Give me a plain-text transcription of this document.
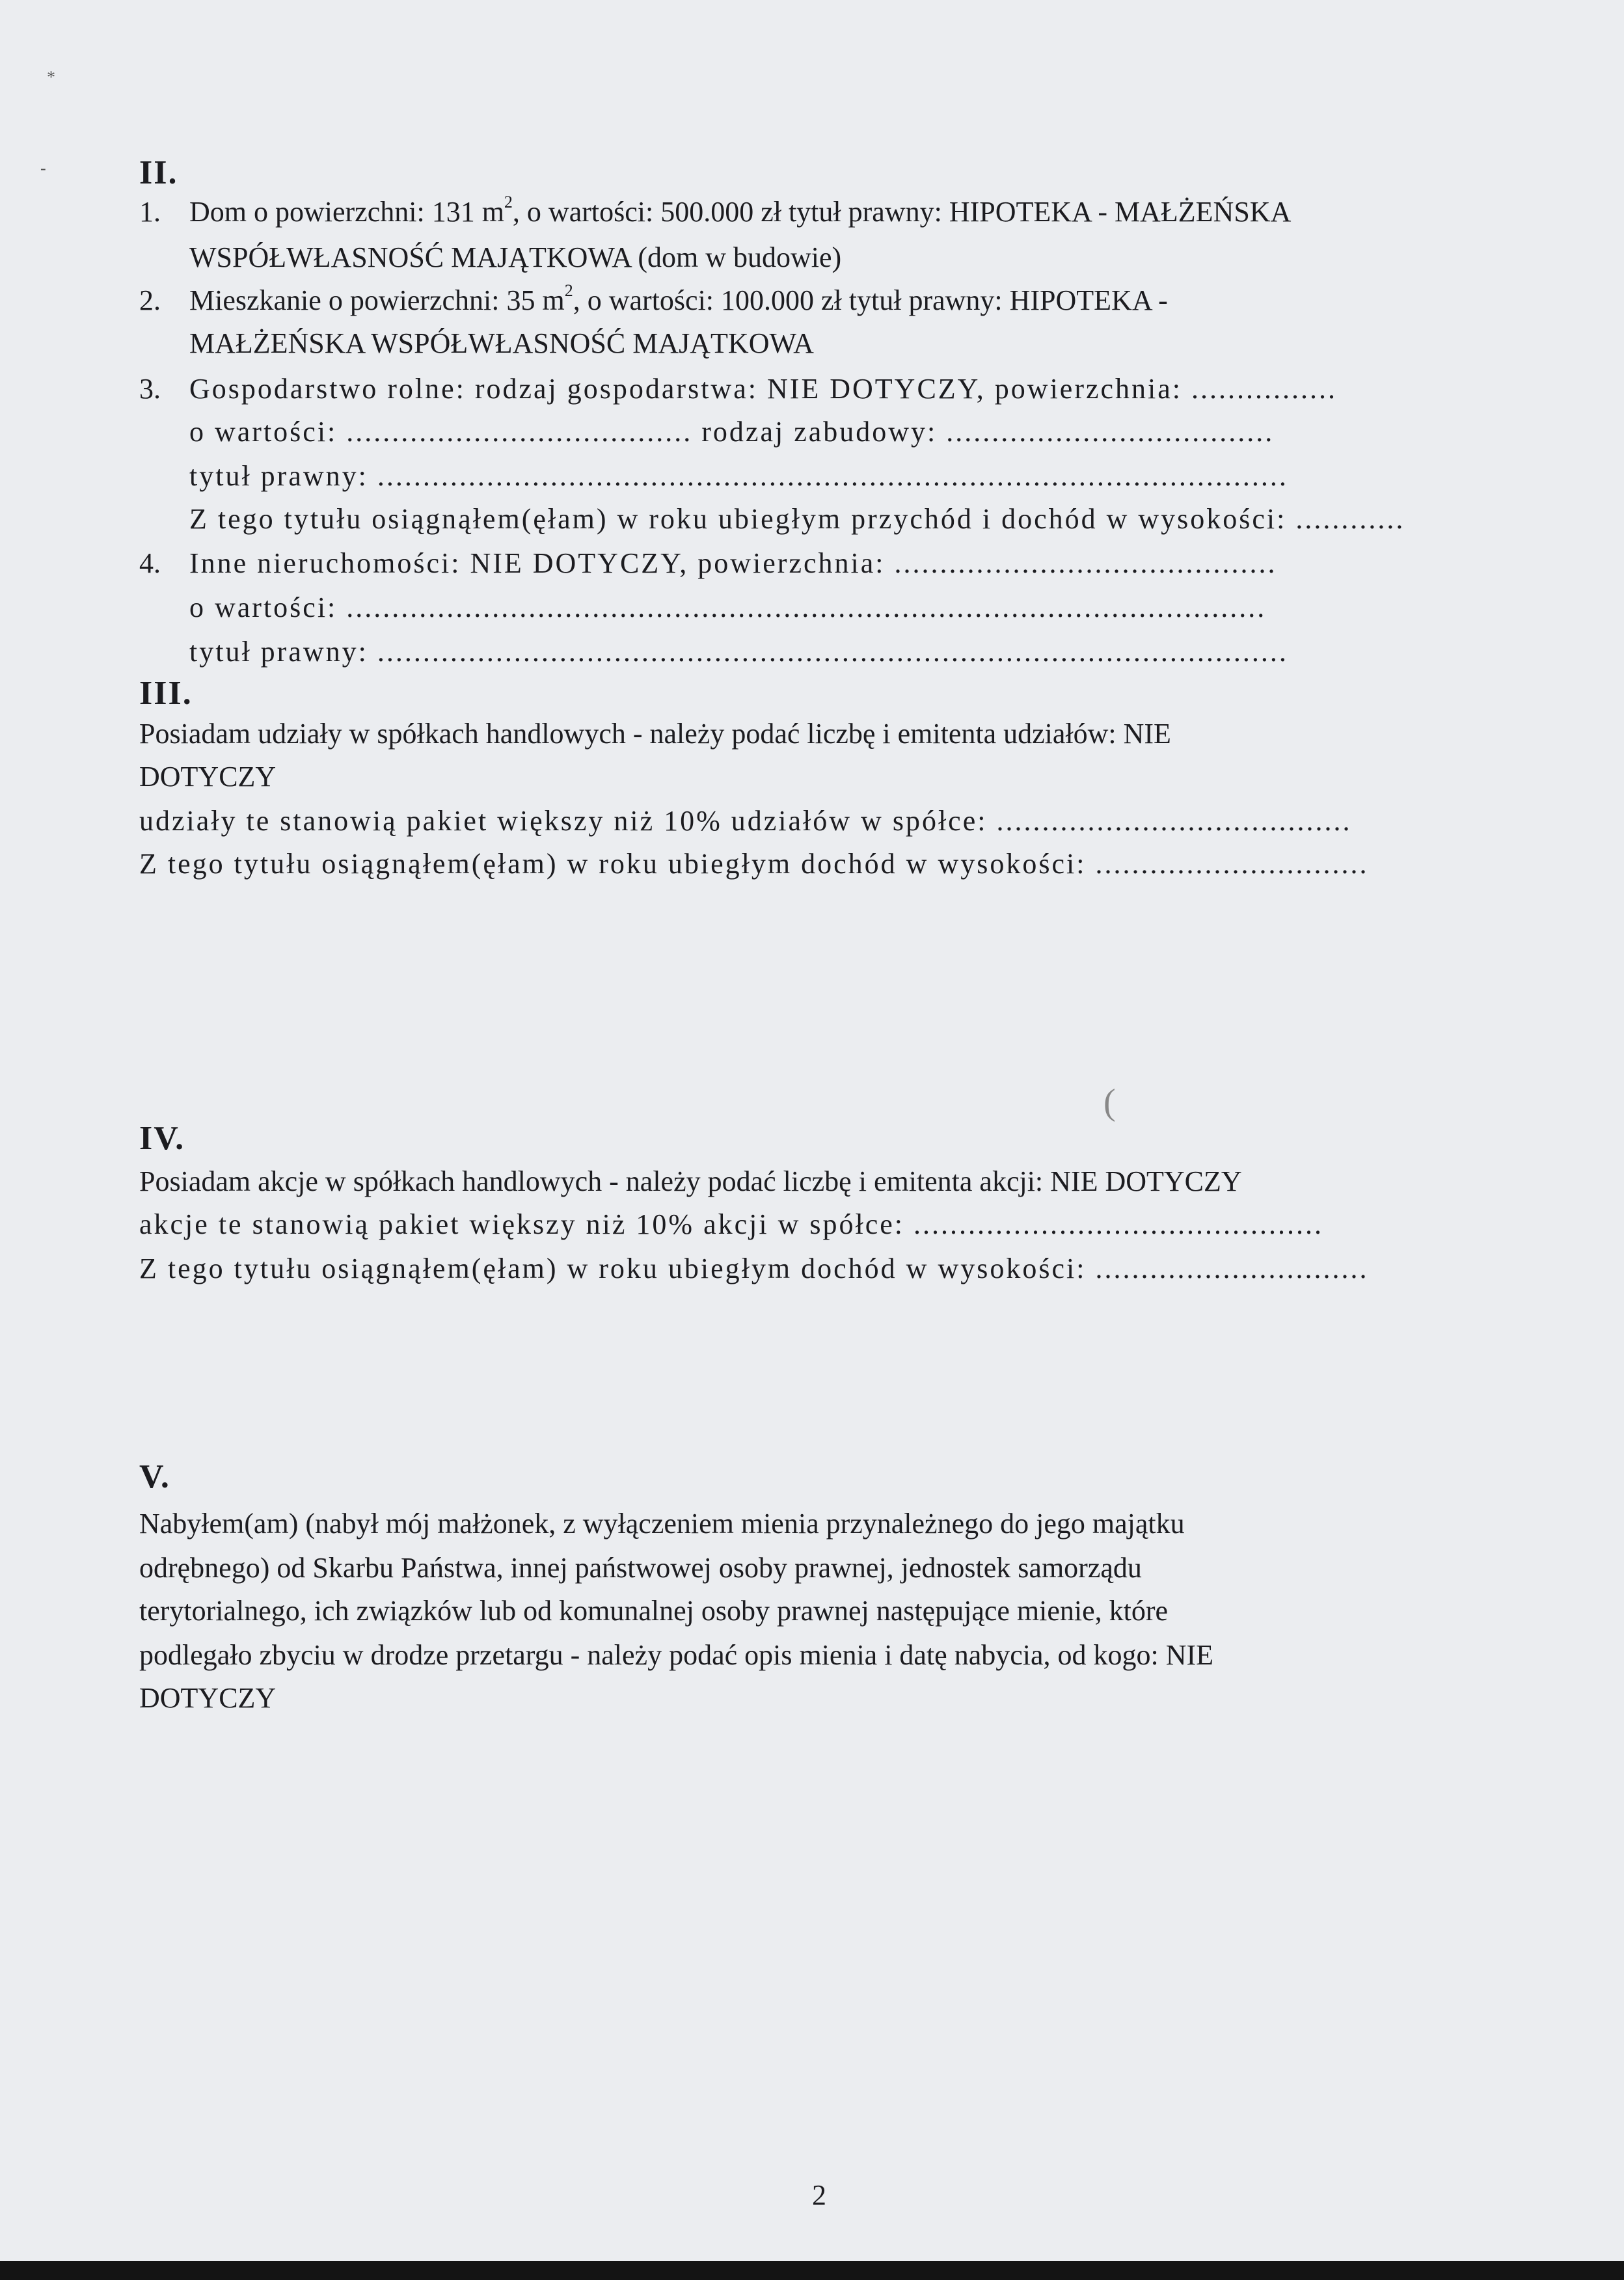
*
-	II.
1. Dom o powierzchni: 131 $m^2$, o wartości: 500.000 zł tytuł prawny: HIPOTEKA - MAŁŻEŃSKA
WSPÓŁWŁASNOŚĆ MAJĄTKOWA (dom w budowie)
2. Mieszkanie o powierzchni: 35 $m^2$, o wartości: 100.000 zł tytuł prawny: HIPOTEKA -
MAŁŻEŃSKA WSPÓŁWŁASNOŚĆ MAJĄTKOWA
3. Gospodarstwo rolne: rodzaj gospodarstwa: NIE DOTYCZY, powierzchnia: ................
o wartości: ...................................... rodzaj zabudowy: ....................................
tytuł prawny: ....................................................................................................
Z tego tytułu osiągnąłem(ęłam) w roku ubiegłym przychód i dochód w wysokości: ............
4. Inne nieruchomości: NIE DOTYCZY, powierzchnia: ..........................................
o wartości: .....................................................................................................
tytuł prawny: ....................................................................................................
III.
Posiadam udziały w spółkach handlowych - należy podać liczbę i emitenta udziałów: NIE
DOTYCZY
udziały te stanowią pakiet większy niż 10% udziałów w spółce: .......................................
Z tego tytułu osiągnąłem(ęłam) w roku ubiegłym dochód w wysokości: ..............................
(
IV.
Posiadam akcje w spółkach handlowych - należy podać liczbę i emitenta akcji: NIE DOTYCZY
akcje te stanowią pakiet większy niż 10% akcji w spółce: .............................................
Z tego tytułu osiągnąłem(ęłam) w roku ubiegłym dochód w wysokości: ..............................
V.
Nabyłem(am) (nabył mój małżonek, z wyłączeniem mienia przynależnego do jego majątku
odrębnego) od Skarbu Państwa, innej państwowej osoby prawnej, jednostek samorządu
terytorialnego, ich związków lub od komunalnej osoby prawnej następujące mienie, które
podlegało zbyciu w drodze przetargu - należy podać opis mienia i datę nabycia, od kogo: NIE
DOTYCZY
2
